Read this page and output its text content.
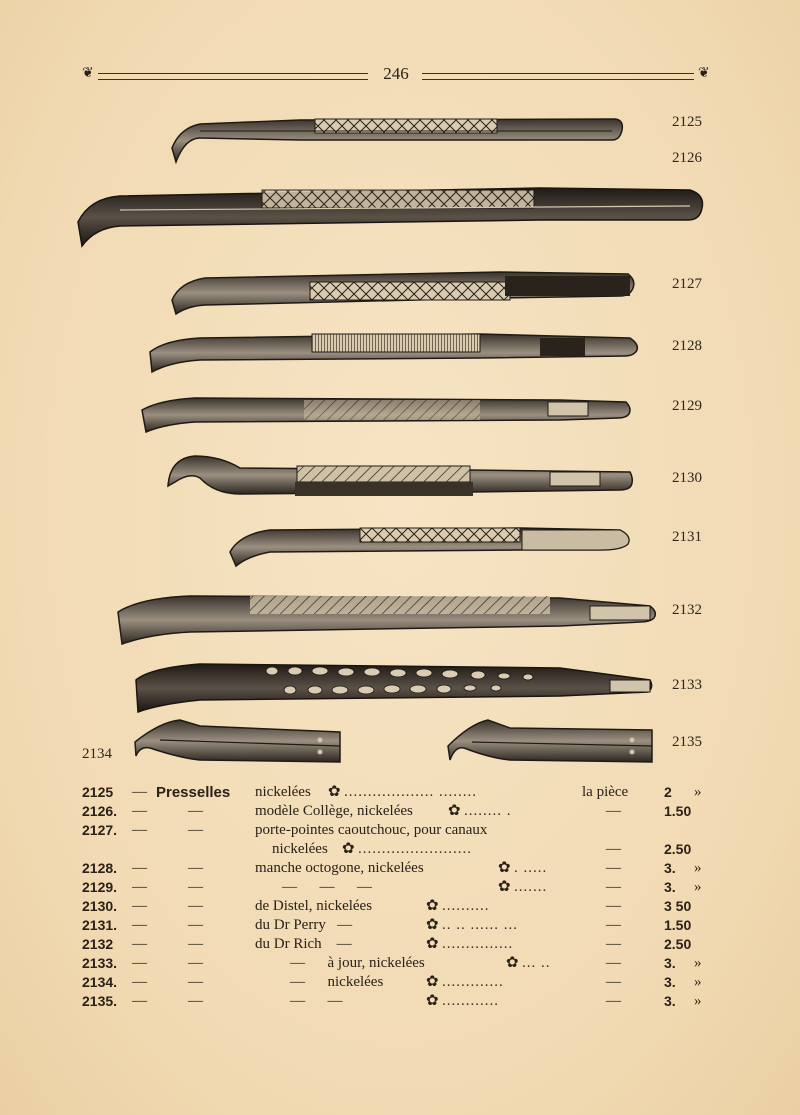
❦	246	❦
2125
2126
2127
2128
2129
2130
2131
2132
2133
2134
2135
2125 — Presselles nickelées ✿ ................... ........	la pièce	2 »
2126. —	—	modèle Collège, nickelées ✿ ........ .	—	1.50
2127. —	—	porte-pointes caoutchouc, pour canaux
nickelées ✿ ........................	—	2.50
2128. —	—	manche octogone, nickelées	✿ . .....	—	3. »
2129. —	—	—      —      —	✿ .......	—	3. »
2130. —	—	de Distel, nickelées	✿ ..........	—	3 50
2131. —	—	du Dr Perry   —	✿ .. .. ...... ...	—	1.50
2132 —	—	du Dr Rich    —	✿ ...............	—	2.50
2133. —	—	—      à jour, nickelées	✿ ... ..	—	3. »
2134. —	—	—      nickelées	✿ .............	—	3. »
2135. —	—	—      —	✿ ............	—	3. »
